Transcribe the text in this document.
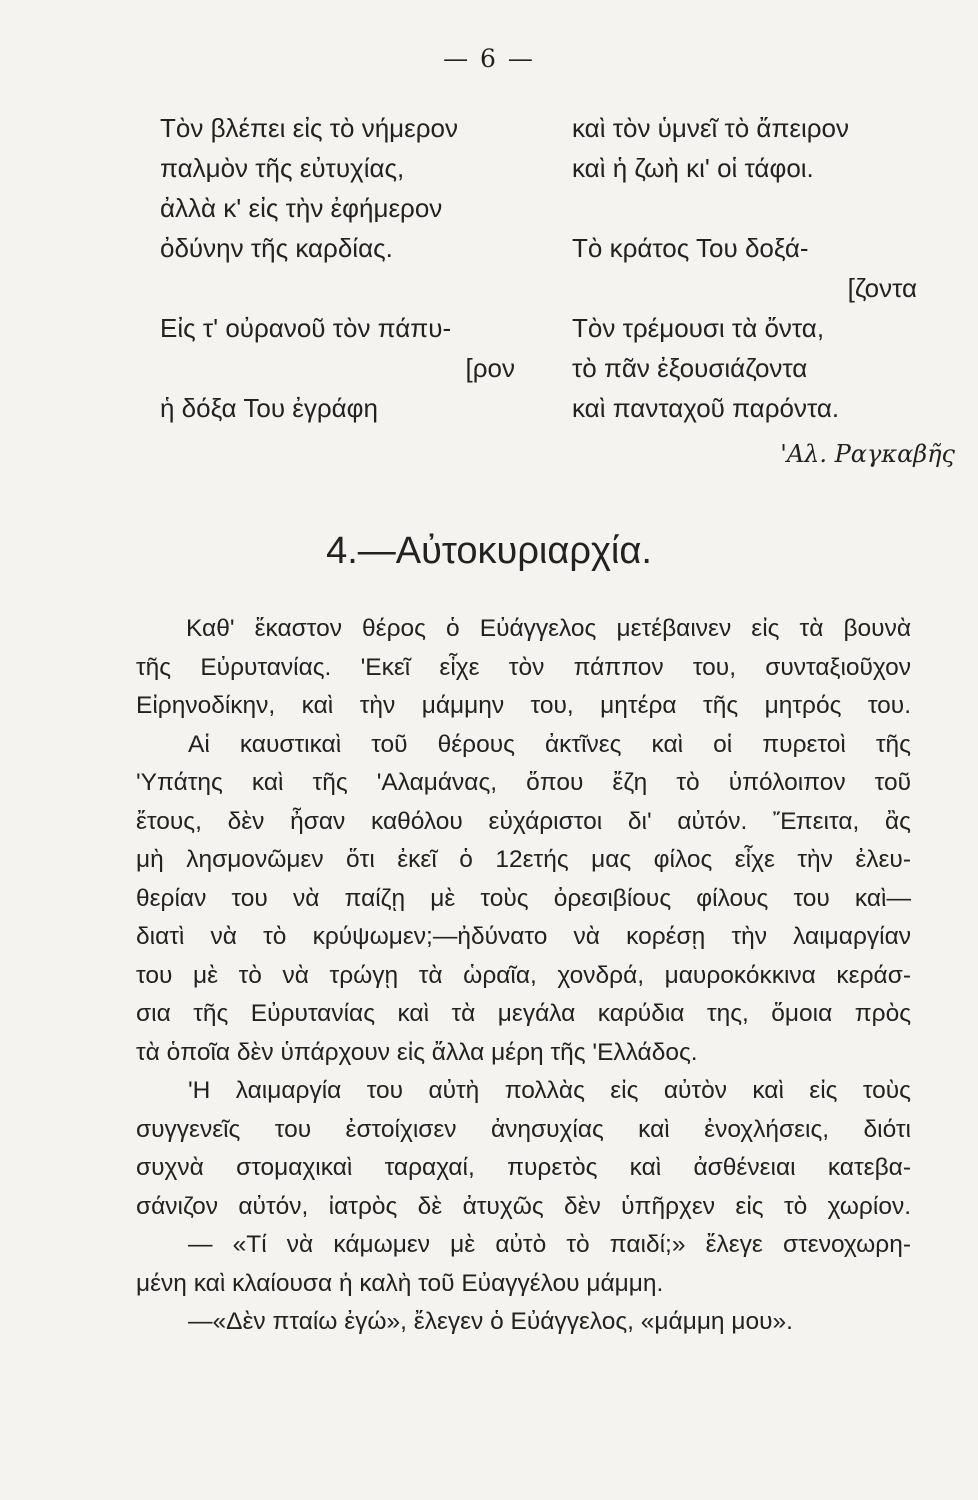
— 6 —
Τὸν βλέπει εἰς τὸ νήμερον
παλμὸν τῆς εὐτυχίας,
ἀλλὰ κ' εἰς τὴν ἐφήμερον
ὀδύνην τῆς καρδίας.
Εἰς τ' οὐρανοῦ τὸν πάπυ-
[ρον
ἡ δόξα Του ἐγράφη
καὶ τὸν ὑμνεῖ τὸ ἄπειρον
καὶ ἡ ζωὴ κι' οἱ τάφοι.
Τὸ κράτος Του δοξά-
[ζοντα
Τὸν τρέμουσι τὰ ὄντα,
τὸ πᾶν ἐξουσιάζοντα
καὶ πανταχοῦ παρόντα.
'Αλ. Ραγκαβῆς
4.—Αὐτοκυριαρχία.
Καθ' ἕκαστον θέρος ὁ Εὐάγγελος μετέβαινεν εἰς τὰ βουνὰ
τῆς Εὐρυτανίας. 'Εκεῖ εἶχε τὸν πάππον του, συνταξιοῦχον
Εἰρηνοδίκην, καὶ τὴν μάμμην του, μητέρα τῆς μητρός του.
Αἱ καυστικαὶ τοῦ θέρους ἀκτῖνες καὶ οἱ πυρετοὶ τῆς
'Υπάτης καὶ τῆς 'Αλαμάνας, ὅπου ἔζη τὸ ὑπόλοιπον τοῦ
ἔτους, δὲν ἦσαν καθόλου εὐχάριστοι δι' αὐτόν. Ἔπειτα, ἂς
μὴ λησμονῶμεν ὅτι ἐκεῖ ὁ 12ετής μας φίλος εἶχε τὴν ἐλευ-
θερίαν του νὰ παίζῃ μὲ τοὺς ὀρεσιβίους φίλους του καὶ—
διατὶ νὰ τὸ κρύψωμεν;—ἠδύνατο νὰ κορέσῃ τὴν λαιμαργίαν
του μὲ τὸ νὰ τρώγῃ τὰ ὡραῖα, χονδρά, μαυροκόκκινα κεράσ-
σια τῆς Εὐρυτανίας καὶ τὰ μεγάλα καρύδια της, ὅμοια πρὸς
τὰ ὁποῖα δὲν ὑπάρχουν εἰς ἄλλα μέρη τῆς 'Ελλάδος.
'Η λαιμαργία του αὐτὴ πολλὰς εἰς αὐτὸν καὶ εἰς τοὺς
συγγενεῖς του ἐστοίχισεν ἀνησυχίας καὶ ἐνοχλήσεις, διότι
συχνὰ στομαχικαὶ ταραχαί, πυρετὸς καὶ ἀσθένειαι κατεβα-
σάνιζον αὐτόν, ἰατρὸς δὲ ἀτυχῶς δὲν ὑπῆρχεν εἰς τὸ χωρίον.
— «Τί νὰ κάμωμεν μὲ αὐτὸ τὸ παιδί;» ἔλεγε στενοχωρη-
μένη καὶ κλαίουσα ἡ καλὴ τοῦ Εὐαγγέλου μάμμη.
—«Δὲν πταίω ἐγώ», ἔλεγεν ὁ Εὐάγγελος, «μάμμη μου».
